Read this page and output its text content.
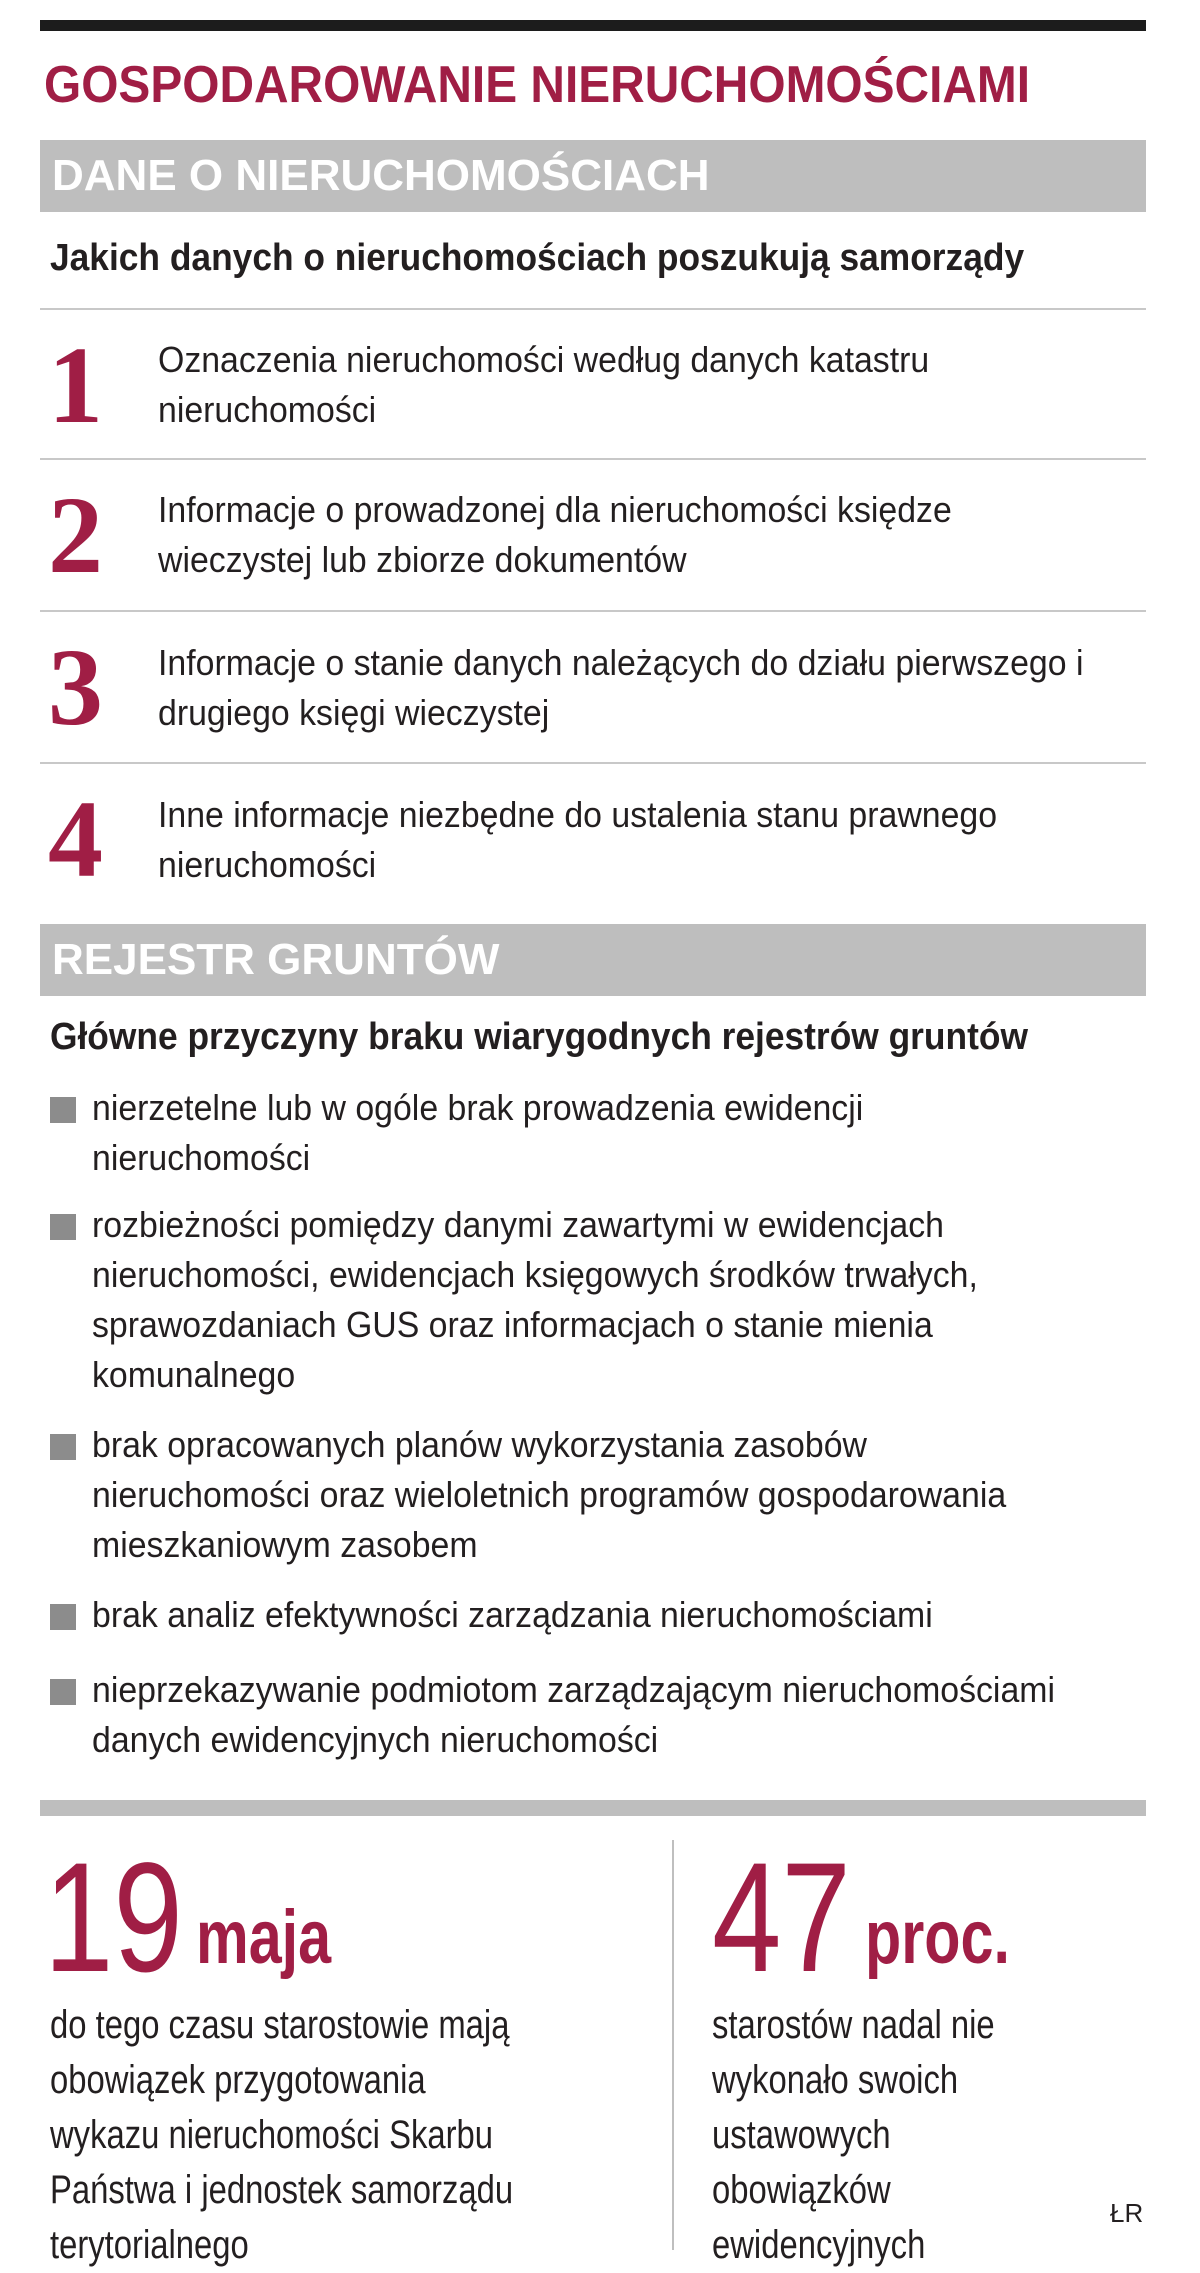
GOSPODAROWANIE NIERUCHOMOŚCIAMI
DANE O NIERUCHOMOŚCIACH
Jakich danych o nieruchomościach poszukują samorządy
1 Oznaczenia nieruchomości według danych katastru nieruchomości
2 Informacje o prowadzonej dla nieruchomości księdze wieczystej lub zbiorze dokumentów
3 Informacje o stanie danych należących do działu pierwszego i drugiego księgi wieczystej
4 Inne informacje niezbędne do ustalenia stanu prawnego nieruchomości
REJESTR GRUNTÓW
Główne przyczyny braku wiarygodnych rejestrów gruntów
nierzetelne lub w ogóle brak prowadzenia ewidencji nieruchomości
rozbieżności pomiędzy danymi zawartymi w ewidencjach nieruchomości, ewidencjach księgowych środków trwałych, sprawozdaniach GUS oraz informacjach o stanie mienia komunalnego
brak opracowanych planów wykorzystania zasobów nieruchomości oraz wieloletnich programów gospodarowania mieszkaniowym zasobem
brak analiz efektywności zarządzania nieruchomościami
nieprzekazywanie podmiotom zarządzającym nieruchomościami danych ewidencyjnych nieruchomości
19 maja
do tego czasu starostowie mają obowiązek przygotowania wykazu nieruchomości Skarbu Państwa i jednostek samorządu terytorialnego
47 proc.
starostów nadal nie wykonało swoich ustawowych obowiązków ewidencyjnych
ŁR
